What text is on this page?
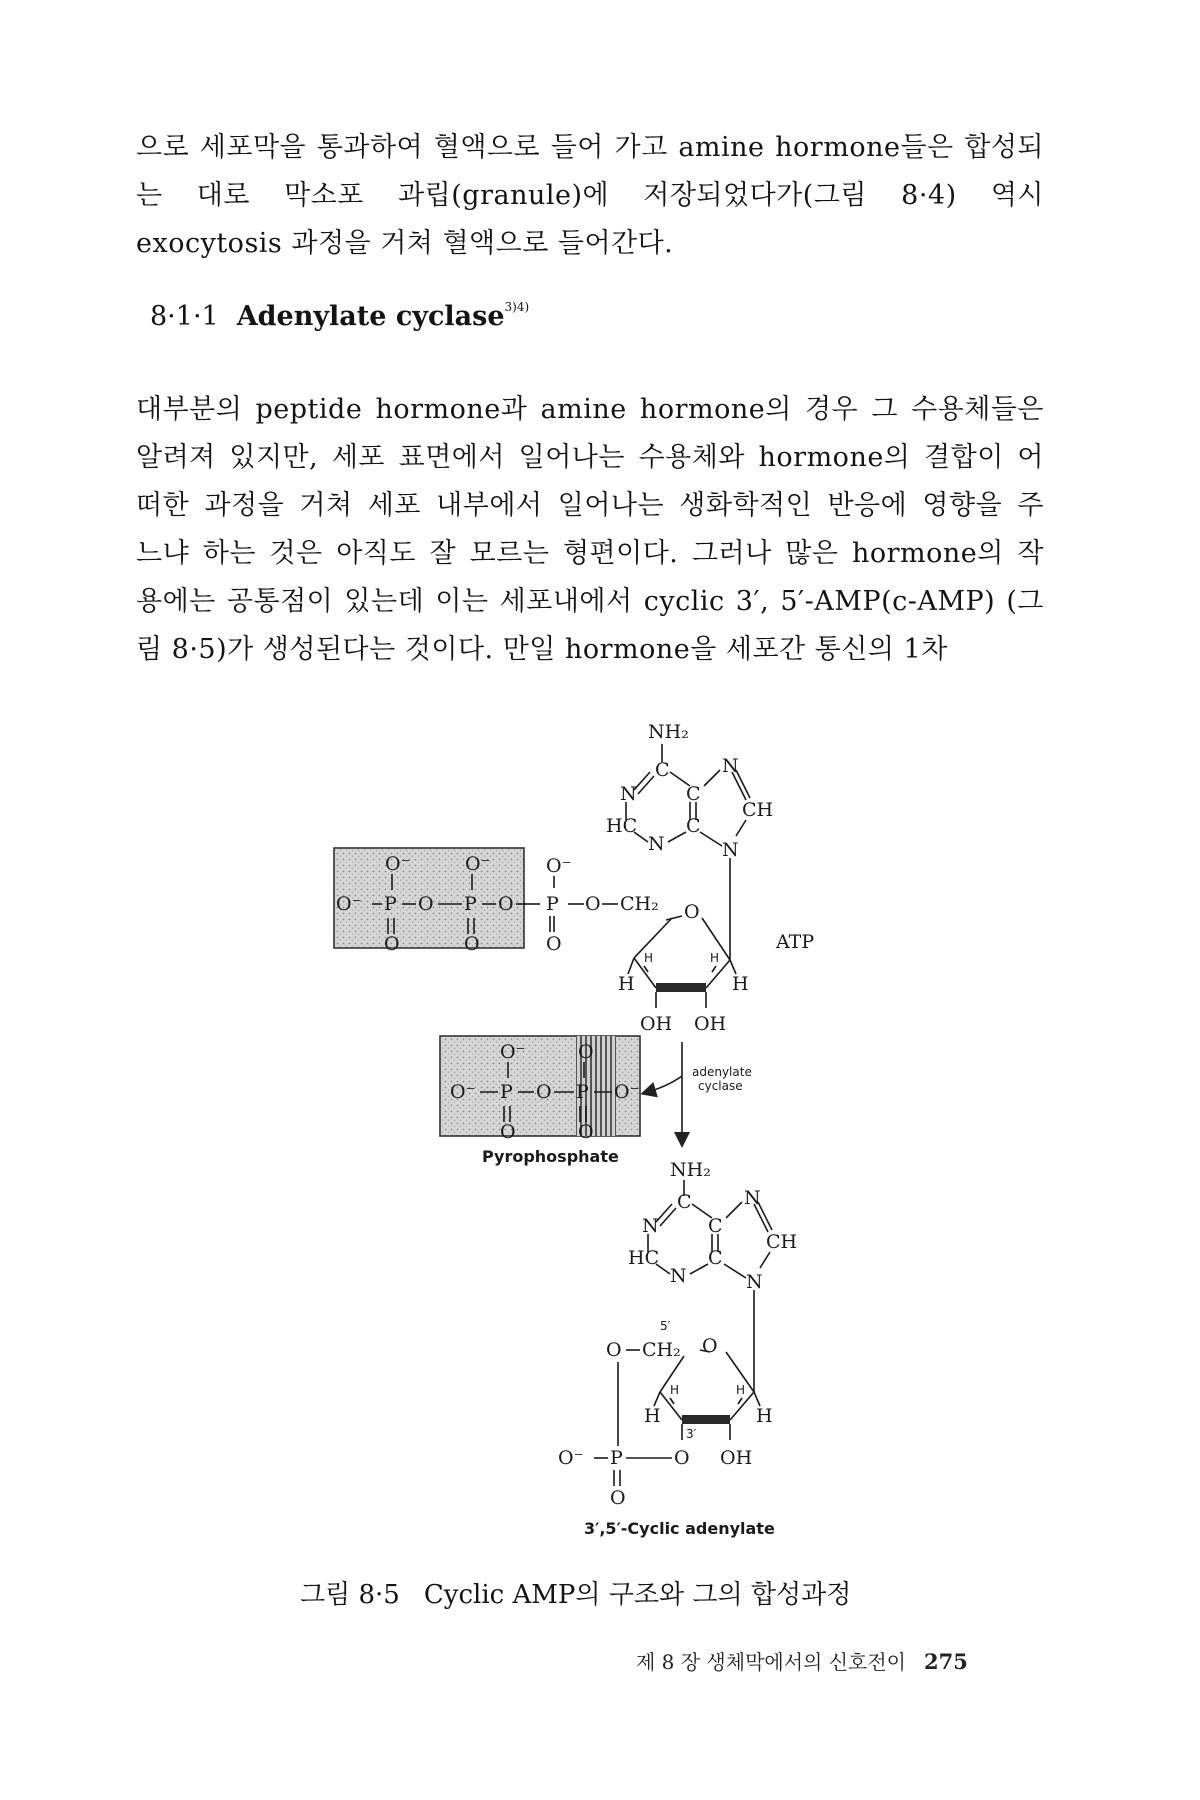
으로 세포막을 통과하여 혈액으로 들어 가고 amine hormone들은 합성되
는 대로 막소포 과립(granule)에 저장되었다가(그림 8·4) 역시
exocytosis 과정을 거쳐 혈액으로 들어간다.
8·1·1 Adenylate cyclase$^{3)4)}$
대부분의 peptide hormone과 amine hormone의 경우 그 수용체들은
알려져 있지만, 세포 표면에서 일어나는 수용체와 hormone의 결합이 어
떠한 과정을 거쳐 세포 내부에서 일어나는 생화학적인 반응에 영향을 주
느냐 하는 것은 아직도 잘 모르는 형편이다. 그러나 많은 hormone의 작
용에는 공통점이 있는데 이는 세포내에서 cyclic 3′, 5′-AMP(c-AMP) (그
림 8·5)가 생성된다는 것이다. 만일 hormone을 세포간 통신의 1차
NH₂
C
N
N
C
CH
HC	C
N	N
O⁻	O⁻	O⁻
O⁻ P O P O P O CH₂ O
O	O	O
H	H
H	H
OH OH
ATP
adenylate
cyclase
O⁻	O
O⁻ P O P O⁻
O	O
Pyrophosphate
NH₂
C
N
N
C
CH
HC	C
N	N
5′
O CH₂ O
H	H
H	H
3′
O⁻ P	O OH
O
3′,5′-Cyclic adenylate
그림 8·5 Cyclic AMP의 구조와 그의 합성과정
제 8 장 생체막에서의 신호전이 275
